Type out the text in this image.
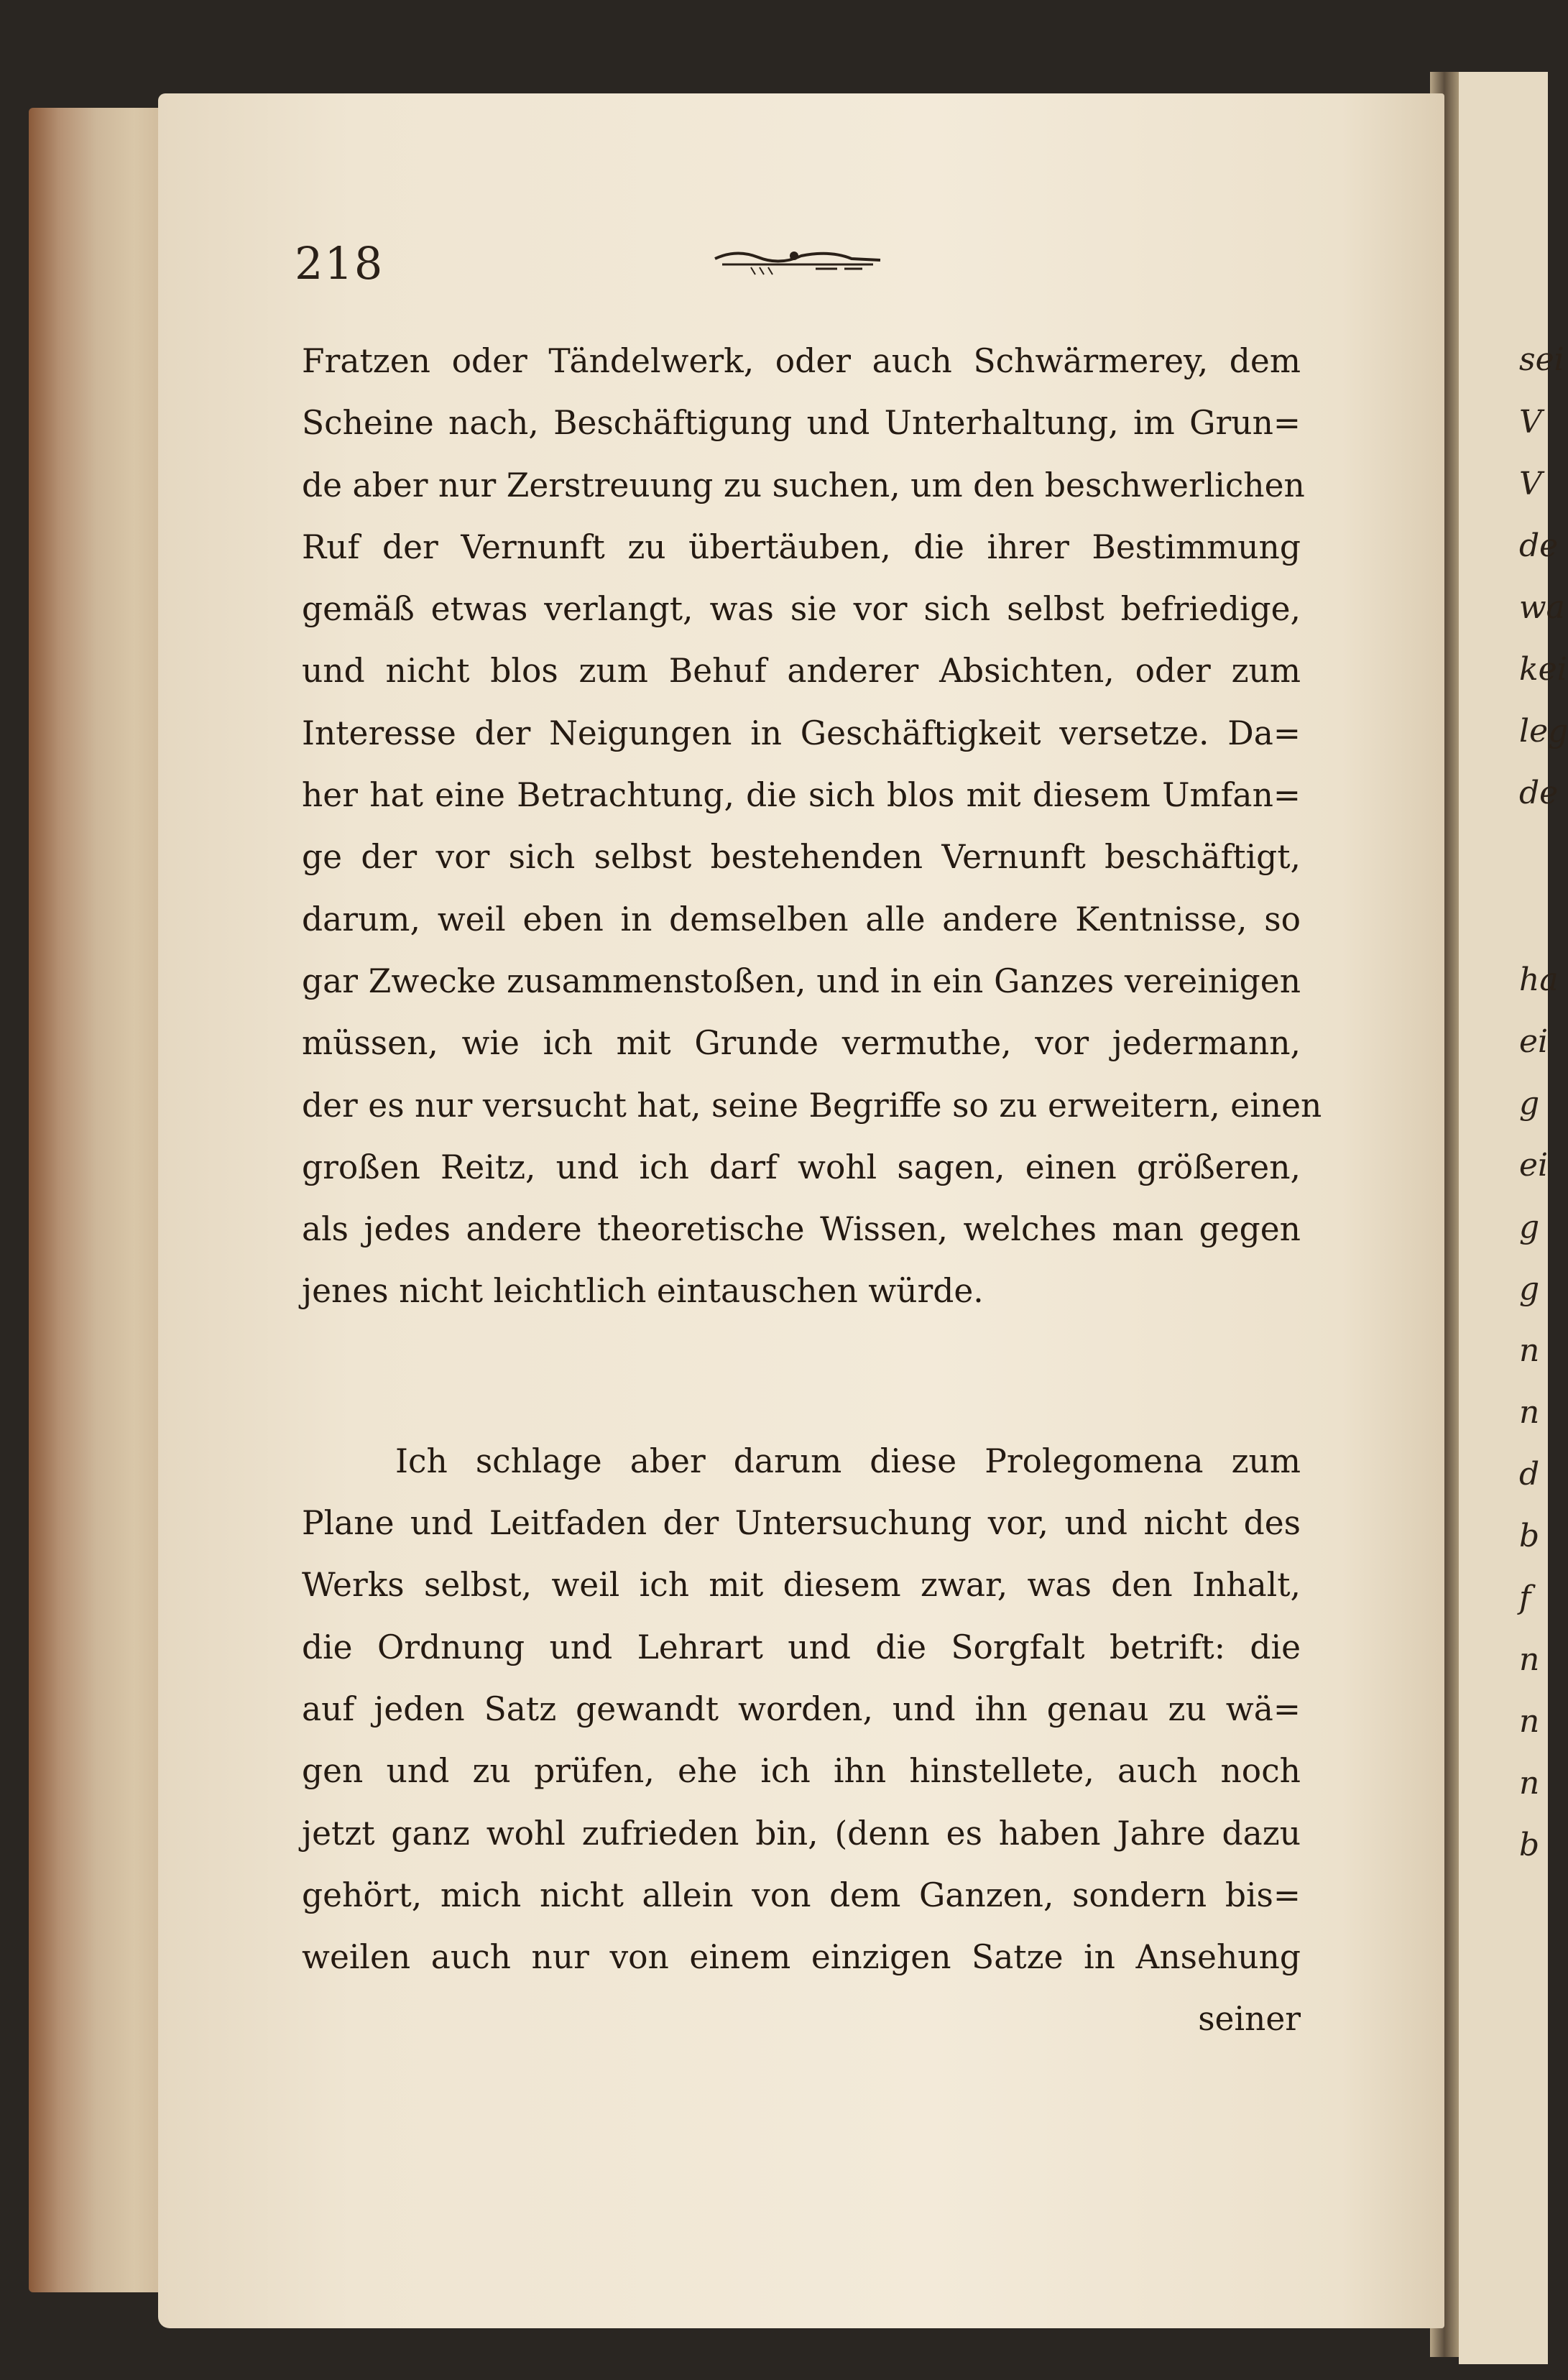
sei
V
V
de
wa
kei
leg
de
ha
ei
g
ei
g
g
n
n
d
b
f
n
n
n
b
218
Fratzen oder Tändelwerk, oder auch Schwärmerey, dem
Scheine nach, Beschäftigung und Unterhaltung, im Grun=
de aber nur Zerstreuung zu suchen, um den beschwerlichen
Ruf der Vernunft zu übertäuben, die ihrer Bestimmung
gemäß etwas verlangt, was sie vor sich selbst befriedige,
und nicht blos zum Behuf anderer Absichten, oder zum
Interesse der Neigungen in Geschäftigkeit versetze. Da=
her hat eine Betrachtung, die sich blos mit diesem Umfan=
ge der vor sich selbst bestehenden Vernunft beschäftigt,
darum, weil eben in demselben alle andere Kentnisse, so
gar Zwecke zusammenstoßen, und in ein Ganzes vereinigen
müssen, wie ich mit Grunde vermuthe, vor jedermann,
der es nur versucht hat, seine Begriffe so zu erweitern, einen
großen Reitz, und ich darf wohl sagen, einen größeren,
als jedes andere theoretische Wissen, welches man gegen
jenes nicht leichtlich eintauschen würde.
Ich schlage aber darum diese Prolegomena zum
Plane und Leitfaden der Untersuchung vor, und nicht des
Werks selbst, weil ich mit diesem zwar, was den Inhalt,
die Ordnung und Lehrart und die Sorgfalt betrift: die
auf jeden Satz gewandt worden, und ihn genau zu wä=
gen und zu prüfen, ehe ich ihn hinstellete, auch noch
jetzt ganz wohl zufrieden bin, (denn es haben Jahre dazu
gehört, mich nicht allein von dem Ganzen, sondern bis=
weilen auch nur von einem einzigen Satze in Ansehung
seiner
